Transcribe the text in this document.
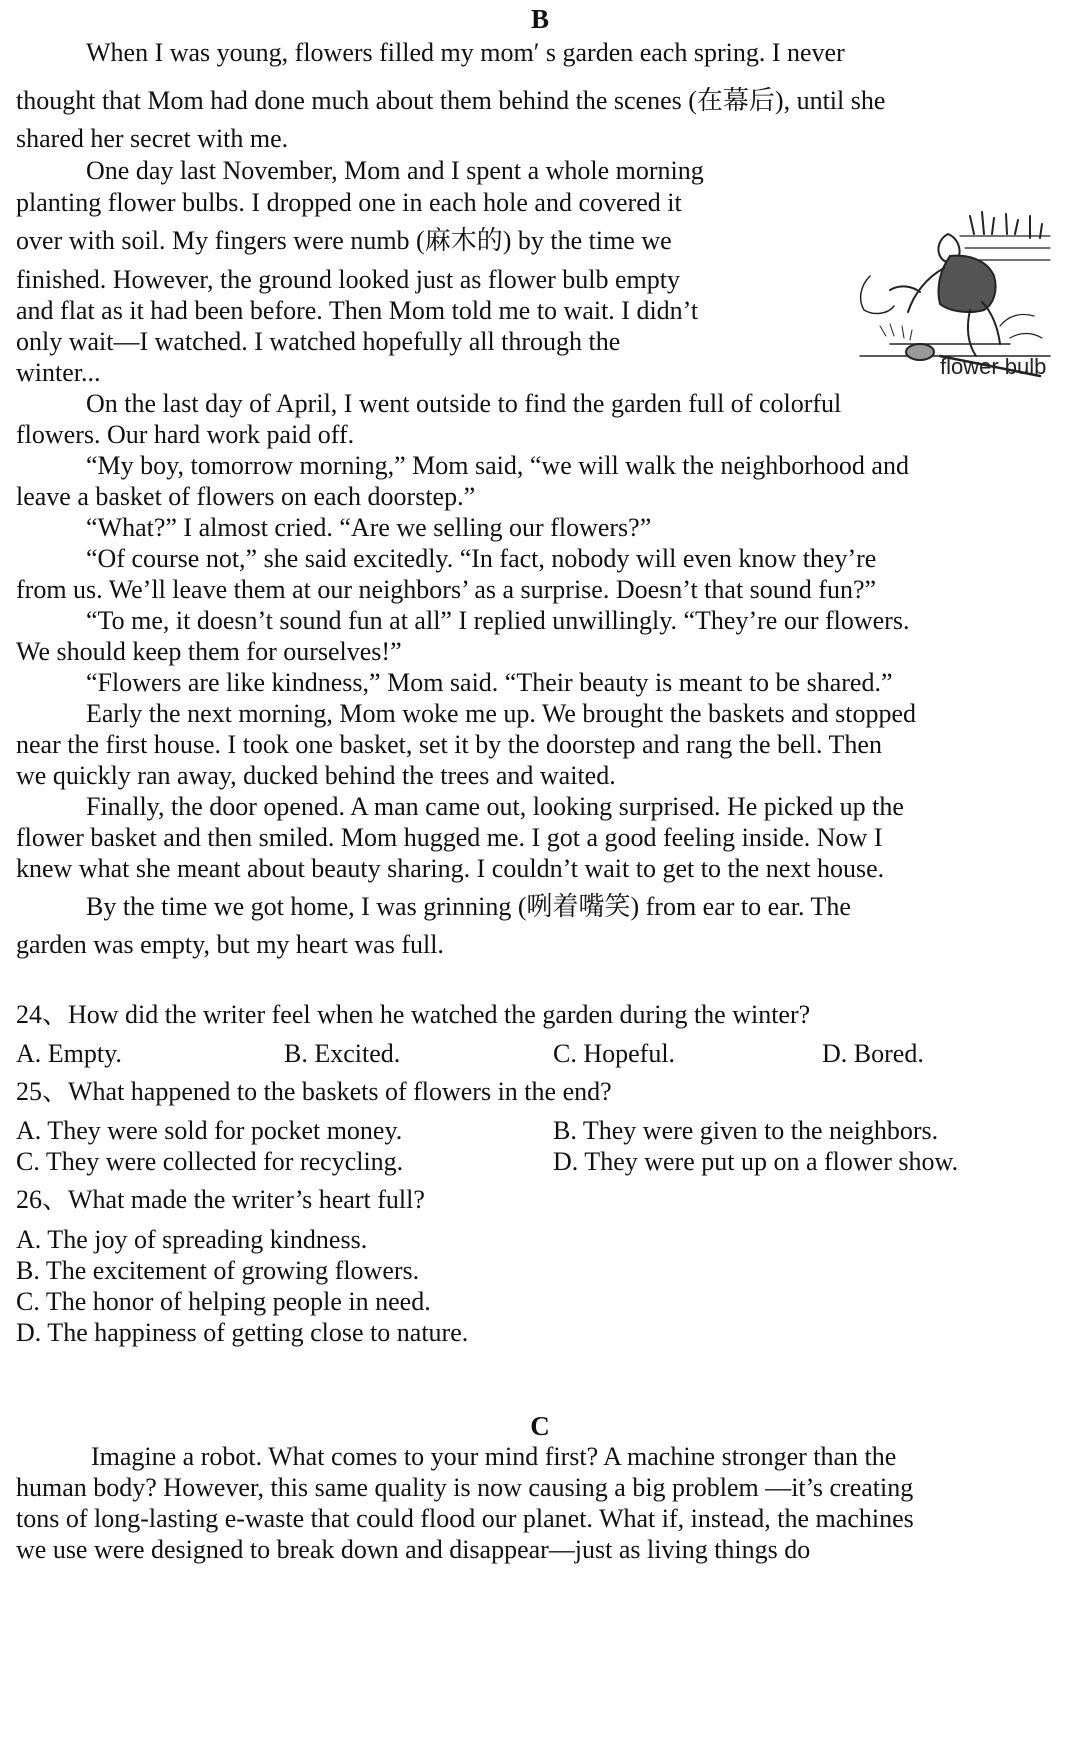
B
When I was young, flowers filled my mom′ s garden each spring. I never
thought that Mom had done much about them behind the scenes (在幕后), until she
shared her secret with me.
One day last November, Mom and I spent a whole morning
planting flower bulbs. I dropped one in each hole and covered it
over with soil. My fingers were numb (麻木的) by the time we
finished. However, the ground looked just as flower bulb empty
and flat as it had been before. Then Mom told me to wait. I didn’t
only wait—I watched. I watched hopefully all through the
winter...
On the last day of April, I went outside to find the garden full of colorful
flowers. Our hard work paid off.
“My boy, tomorrow morning,” Mom said, “we will walk the neighborhood and
leave a basket of flowers on each doorstep.”
“What?” I almost cried. “Are we selling our flowers?”
“Of course not,” she said excitedly. “In fact, nobody will even know they’re
from us. We’ll leave them at our neighbors’ as a surprise. Doesn’t that sound fun?”
“To me, it doesn’t sound fun at all” I replied unwillingly. “They’re our flowers.
We should keep them for ourselves!”
“Flowers are like kindness,” Mom said. “Their beauty is meant to be shared.”
Early the next morning, Mom woke me up. We brought the baskets and stopped
near the first house. I took one basket, set it by the doorstep and rang the bell. Then
we quickly ran away, ducked behind the trees and waited.
Finally, the door opened. A man came out, looking surprised. He picked up the
flower basket and then smiled. Mom hugged me. I got a good feeling inside. Now I
knew what she meant about beauty sharing. I couldn’t wait to get to the next house.
By the time we got home, I was grinning (咧着嘴笑) from ear to ear. The
garden was empty, but my heart was full.
flower bulb
24、How did the writer feel when he watched the garden during the winter?
A. Empty.	B. Excited.	C. Hopeful.	D. Bored.
25、What happened to the baskets of flowers in the end?
A. They were sold for pocket money.	B. They were given to the neighbors.
C. They were collected for recycling.	D. They were put up on a flower show.
26、What made the writer’s heart full?
A. The joy of spreading kindness.
B. The excitement of growing flowers.
C. The honor of helping people in need.
D. The happiness of getting close to nature.
C
Imagine a robot. What comes to your mind first? A machine stronger than the
human body? However, this same quality is now causing a big problem —it’s creating
tons of long-lasting e-waste that could flood our planet. What if, instead, the machines
we use were designed to break down and disappear—just as living things do
